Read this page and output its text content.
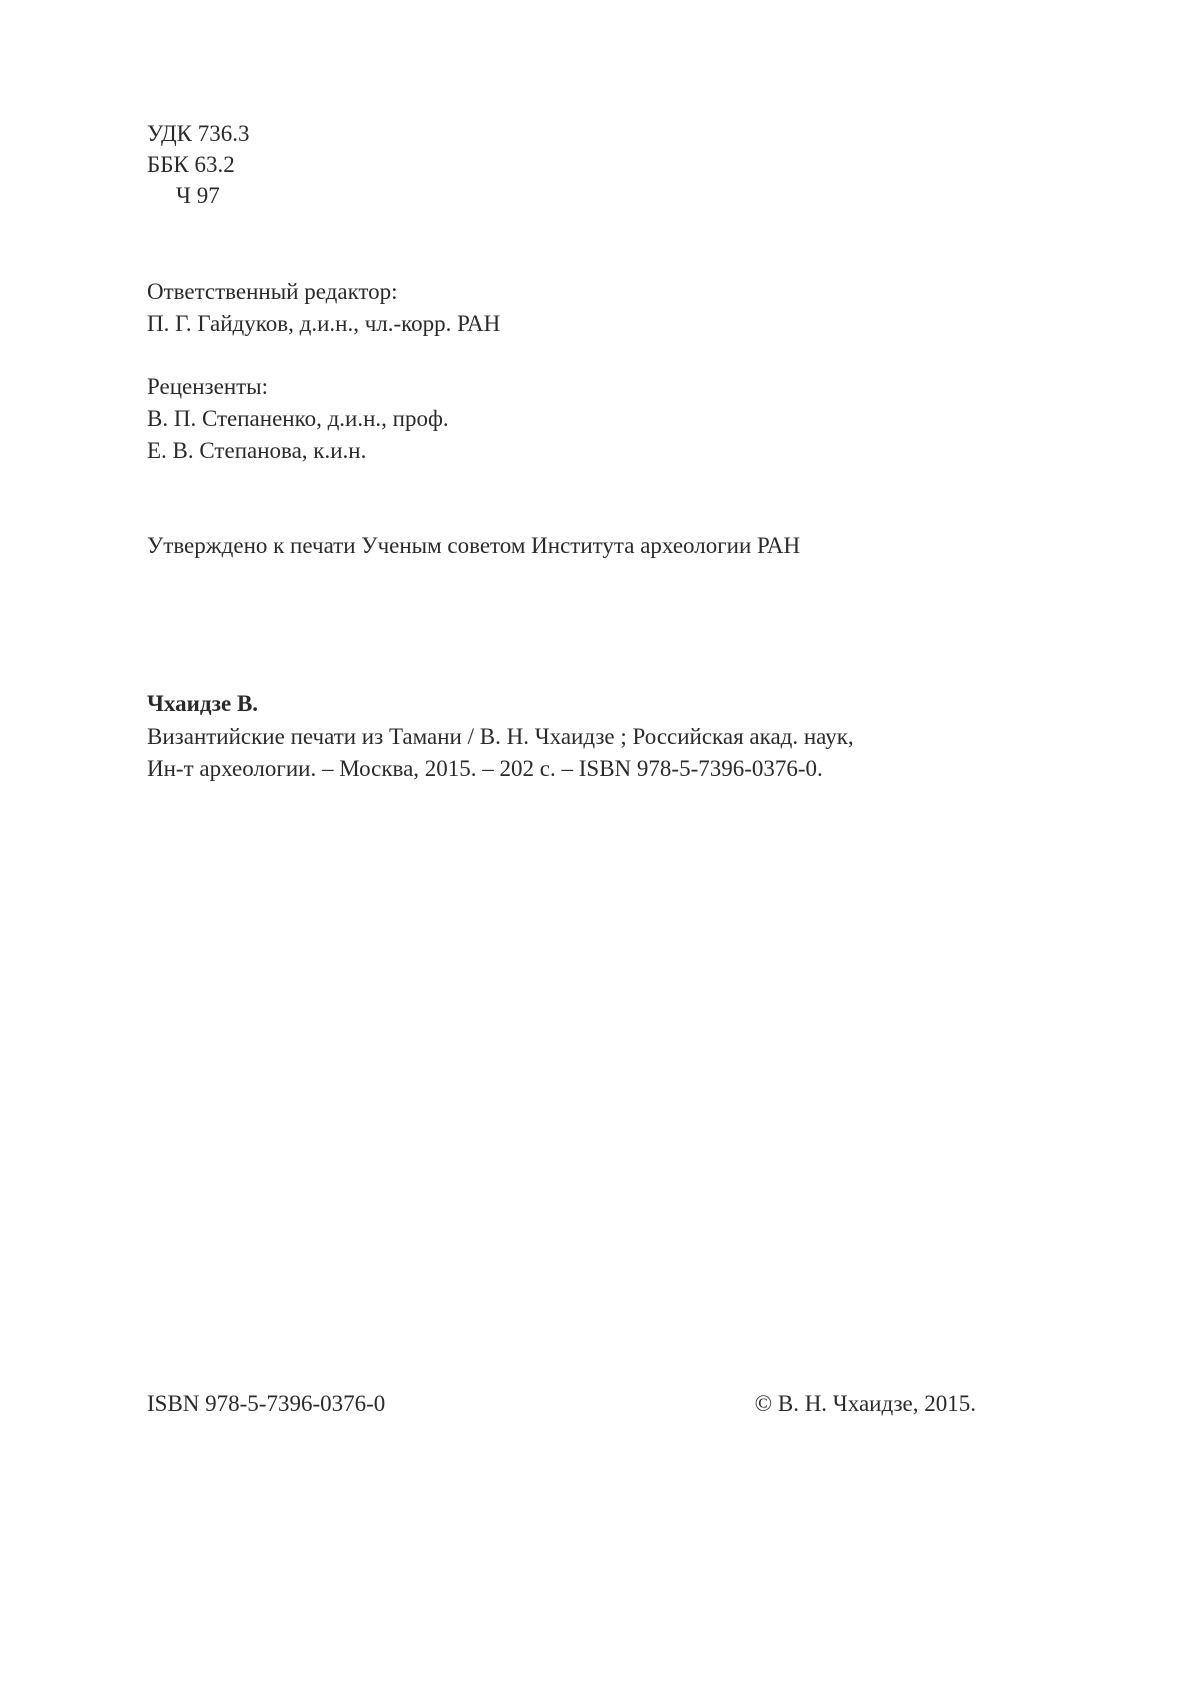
УДК 736.3
ББК 63.2
Ч 97
Ответственный редактор:
П. Г. Гайдуков, д.и.н., чл.-корр. РАН
Рецензенты:
В. П. Степаненко, д.и.н., проф.
Е. В. Степанова, к.и.н.
Утверждено к печати Ученым советом Института археологии РАН
Чхаидзе В.
Византийские печати из Тамани / В. Н. Чхаидзе ; Российская акад. наук,
Ин-т археологии. – Москва, 2015. – 202 с. – ISBN 978-5-7396-0376-0.
ISBN 978-5-7396-0376-0	© В. Н. Чхаидзе, 2015.
